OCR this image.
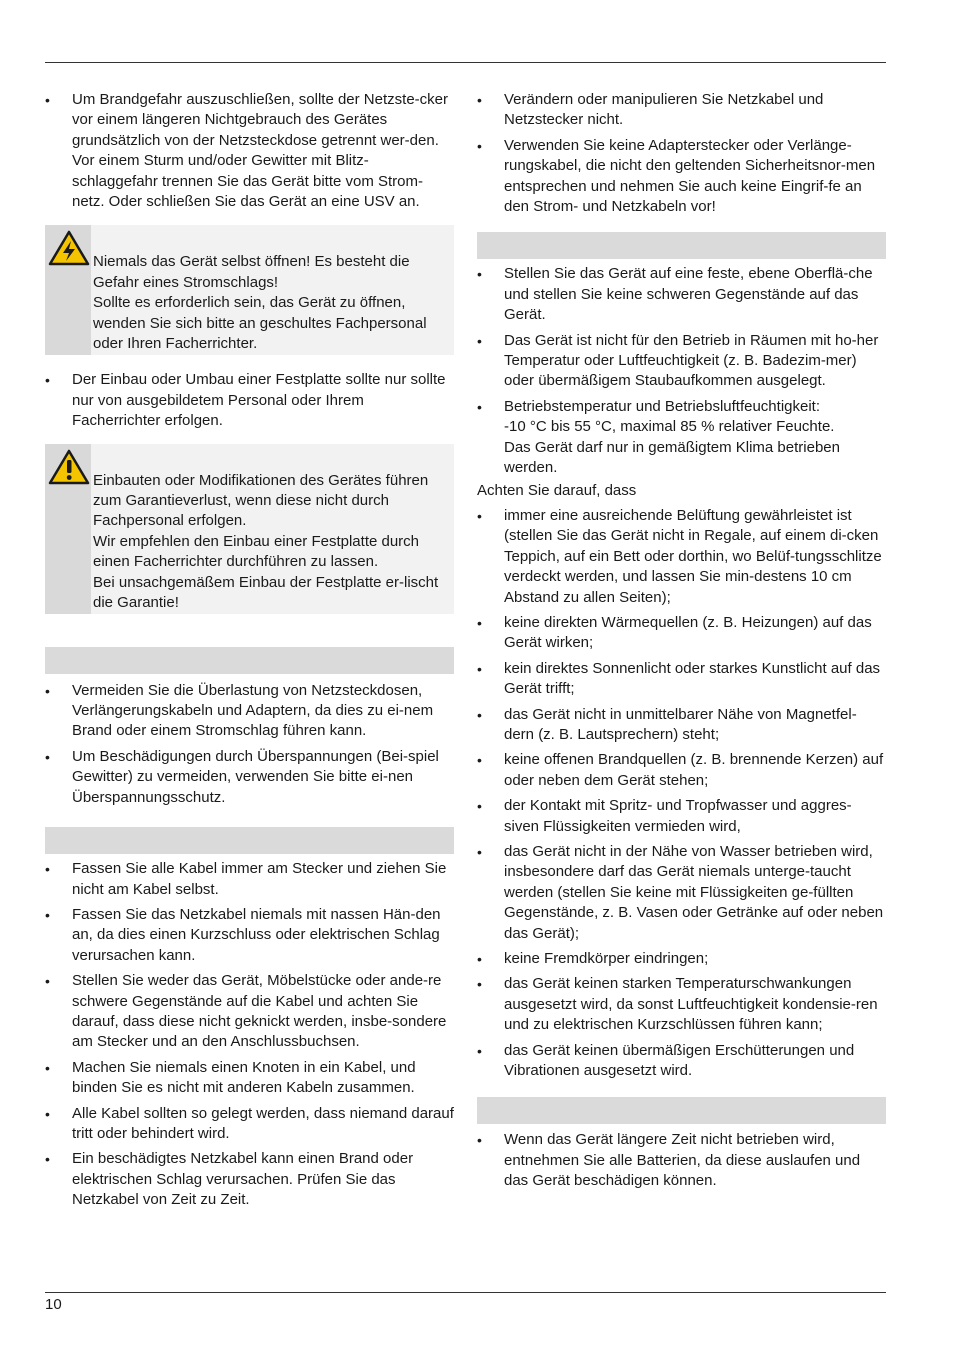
• Um Brandgefahr auszuschließen, sollte der Netzste-cker vor einem längeren Nichtgebrauch des Gerätes grundsätzlich von der Netzsteckdose getrennt wer-den. Vor einem Sturm und/oder Gewitter mit Blitz-schlaggefahr trennen Sie das Gerät bitte vom Strom-netz. Oder schließen Sie das Gerät an eine USV an.
Niemals das Gerät selbst öffnen! Es besteht die Gefahr eines Stromschlags!
Sollte es erforderlich sein, das Gerät zu öffnen, wenden Sie sich bitte an geschultes Fachpersonal oder Ihren Facherrichter.
• Der Einbau oder Umbau einer Festplatte sollte nur sollte nur von ausgebildetem Personal oder Ihrem Facherrichter erfolgen.
Einbauten oder Modifikationen des Gerätes führen zum Garantieverlust, wenn diese nicht durch Fachpersonal erfolgen.
Wir empfehlen den Einbau einer Festplatte durch einen Facherrichter durchführen zu lassen.
Bei unsachgemäßem Einbau der Festplatte er-lischt die Garantie!
• Vermeiden Sie die Überlastung von Netzsteckdosen, Verlängerungskabeln und Adaptern, da dies zu ei-nem Brand oder einem Stromschlag führen kann.
• Um Beschädigungen durch Überspannungen (Bei-spiel Gewitter) zu vermeiden, verwenden Sie bitte ei-nen Überspannungsschutz.
• Fassen Sie alle Kabel immer am Stecker und ziehen Sie nicht am Kabel selbst.
• Fassen Sie das Netzkabel niemals mit nassen Hän-den an, da dies einen Kurzschluss oder elektrischen Schlag verursachen kann.
• Stellen Sie weder das Gerät, Möbelstücke oder ande-re schwere Gegenstände auf die Kabel und achten Sie darauf, dass diese nicht geknickt werden, insbe-sondere am Stecker und an den Anschlussbuchsen.
• Machen Sie niemals einen Knoten in ein Kabel, und binden Sie es nicht mit anderen Kabeln zusammen.
• Alle Kabel sollten so gelegt werden, dass niemand darauf tritt oder behindert wird.
• Ein beschädigtes Netzkabel kann einen Brand oder elektrischen Schlag verursachen. Prüfen Sie das Netzkabel von Zeit zu Zeit.
• Verändern oder manipulieren Sie Netzkabel und Netzstecker nicht.
• Verwenden Sie keine Adapterstecker oder Verlänge-rungskabel, die nicht den geltenden Sicherheitsnor-men entsprechen und nehmen Sie auch keine Eingrif-fe an den Strom- und Netzkabeln vor!
• Stellen Sie das Gerät auf eine feste, ebene Oberflä-che und stellen Sie keine schweren Gegenstände auf das Gerät.
• Das Gerät ist nicht für den Betrieb in Räumen mit ho-her Temperatur oder Luftfeuchtigkeit (z. B. Badezim-mer) oder übermäßigem Staubaufkommen ausgelegt.
• Betriebstemperatur und Betriebsluftfeuchtigkeit:
-10 °C bis 55 °C, maximal 85 % relativer Feuchte.
Das Gerät darf nur in gemäßigtem Klima betrieben werden.

Achten Sie darauf, dass

• immer eine ausreichende Belüftung gewährleistet ist (stellen Sie das Gerät nicht in Regale, auf einem di-cken Teppich, auf ein Bett oder dorthin, wo Belüf-tungsschlitze verdeckt werden, und lassen Sie min-destens 10 cm Abstand zu allen Seiten);
• keine direkten Wärmequellen (z. B. Heizungen) auf das Gerät wirken;
• kein direktes Sonnenlicht oder starkes Kunstlicht auf das Gerät trifft;
• das Gerät nicht in unmittelbarer Nähe von Magnetfel-dern (z. B. Lautsprechern) steht;
• keine offenen Brandquellen (z. B. brennende Kerzen) auf oder neben dem Gerät stehen;
• der Kontakt mit Spritz- und Tropfwasser und aggres-siven Flüssigkeiten vermieden wird,
• das Gerät nicht in der Nähe von Wasser betrieben wird, insbesondere darf das Gerät niemals unterge-taucht werden (stellen Sie keine mit Flüssigkeiten ge-füllten Gegenstände, z. B. Vasen oder Getränke auf oder neben das Gerät);
• keine Fremdkörper eindringen;
• das Gerät keinen starken Temperaturschwankungen ausgesetzt wird, da sonst Luftfeuchtigkeit kondensie-ren und zu elektrischen Kurzschlüssen führen kann;
• das Gerät keinen übermäßigen Erschütterungen und Vibrationen ausgesetzt wird.
• Wenn das Gerät längere Zeit nicht betrieben wird, entnehmen Sie alle Batterien, da diese auslaufen und das Gerät beschädigen können.
10
